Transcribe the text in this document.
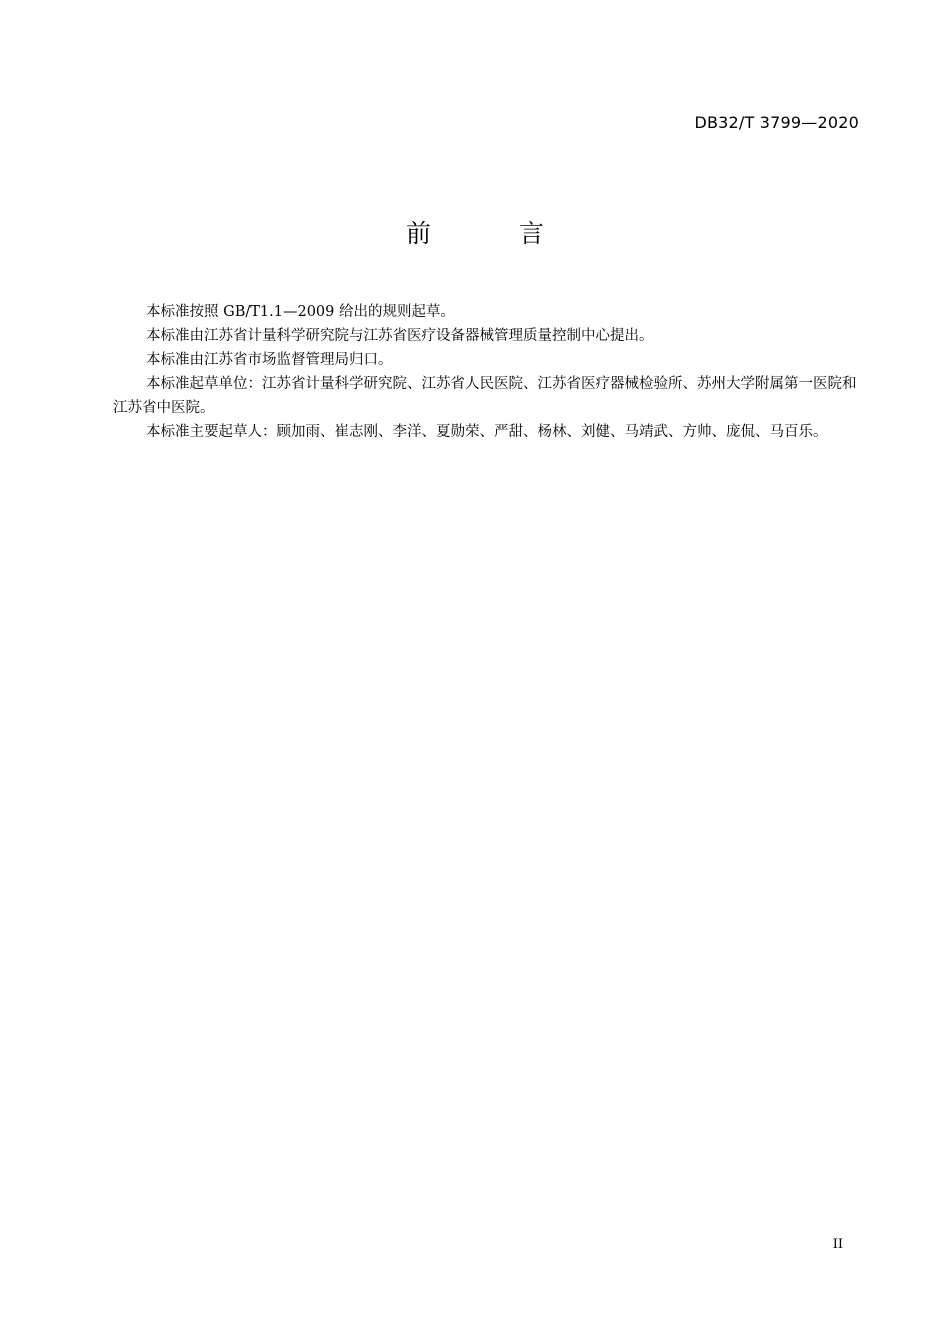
DB32/T 3799—2020
前 言

本标准按照 GB/T1.1—2009 给出的规则起草。

本标准由江苏省计量科学研究院与江苏省医疗设备器械管理质量控制中心提出。

本标准由江苏省市场监督管理局归口。

本标准起草单位：江苏省计量科学研究院、江苏省人民医院、江苏省医疗器械检验所、苏州大学附属第一医院和江苏省中医院。

本标准主要起草人：顾加雨、崔志刚、李洋、夏勋荣、严甜、杨林、刘健、马靖武、方帅、庞侃、马百乐。

II
